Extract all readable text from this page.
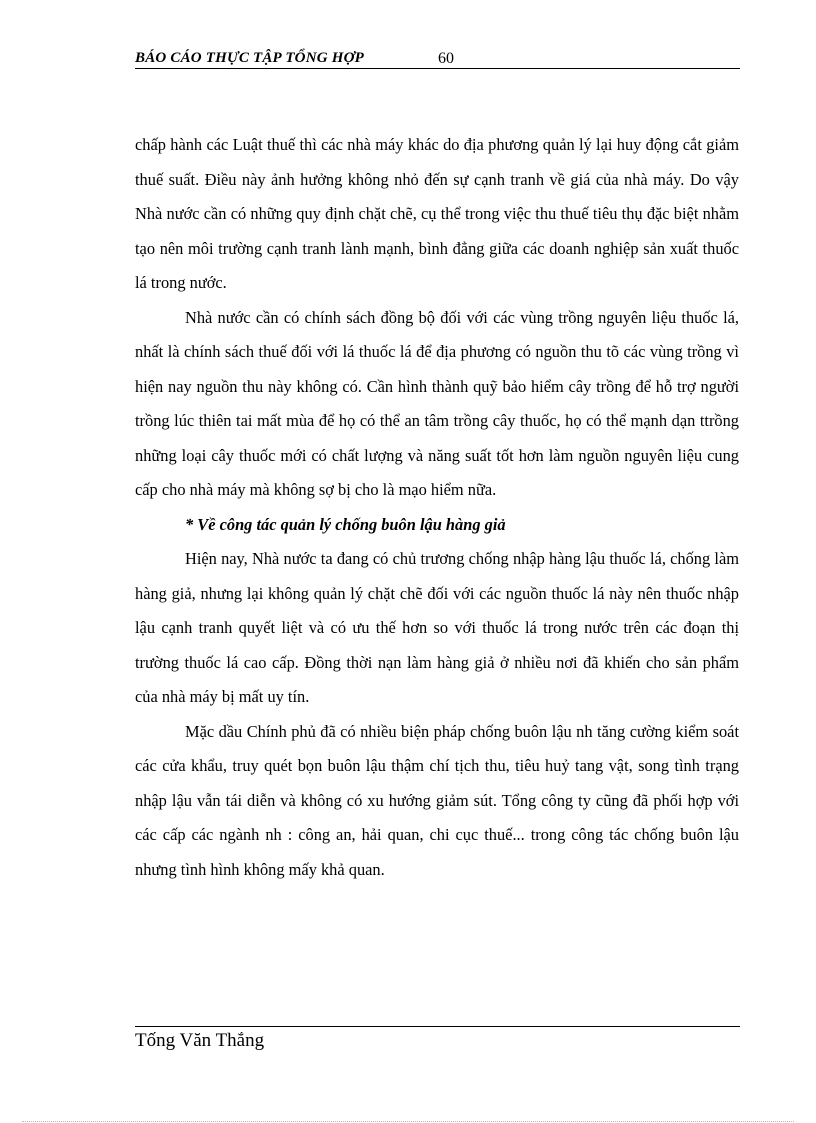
BÁO CÁO THỰC TẬP TỔNG HỢP	60

chấp hành các Luật thuế thì các nhà máy khác do địa phương quản lý lại huy động cắt giảm thuế suất. Điều này ảnh hưởng không nhỏ đến sự cạnh tranh về giá của nhà máy. Do vậy Nhà nước cần có những quy định chặt chẽ, cụ thể trong việc thu thuế tiêu thụ đặc biệt nhằm tạo nên môi trường cạnh tranh lành mạnh, bình đẳng giữa các doanh nghiệp sản xuất thuốc lá trong nước.

Nhà nước cần có chính sách đồng bộ đối với các vùng trồng nguyên liệu thuốc lá, nhất là chính sách thuế đối với lá thuốc lá để địa phương có nguồn thu tõ các vùng trồng vì hiện nay nguồn thu này không có. Cần hình thành quỹ bảo hiểm cây trồng để hỗ trợ người trồng lúc thiên tai mất mùa để họ có thể an tâm trồng cây thuốc, họ có thể mạnh dạn ttrồng những loại cây thuốc mới có chất lượng và năng suất tốt hơn làm nguồn nguyên liệu cung cấp cho nhà máy mà không sợ bị cho là mạo hiểm nữa.

* Về công tác quản lý chống buôn lậu hàng giả

Hiện nay, Nhà nước ta đang có chủ trương chống nhập hàng lậu thuốc lá, chống làm hàng giả, nhưng lại không quản lý chặt chẽ đối với các nguồn thuốc lá này nên thuốc nhập lậu cạnh tranh quyết liệt và có ưu thế hơn so với thuốc lá trong nước trên các đoạn thị trường thuốc lá cao cấp. Đồng thời nạn làm hàng giả ở nhiều nơi đã khiến cho sản phẩm của nhà máy bị mất uy tín.

Mặc dầu Chính phủ đã có nhiều biện pháp chống buôn lậu nh tăng cường kiểm soát các cửa khẩu, truy quét bọn buôn lậu thậm chí tịch thu, tiêu huỷ tang vật, song tình trạng nhập lậu vẫn tái diễn và không có xu hướng giảm sút. Tổng công ty cũng đã phối hợp với các cấp các ngành nh : công an, hải quan, chi cục thuế... trong công tác chống buôn lậu nhưng tình hình không mấy khả quan.

Tống Văn Thắng
